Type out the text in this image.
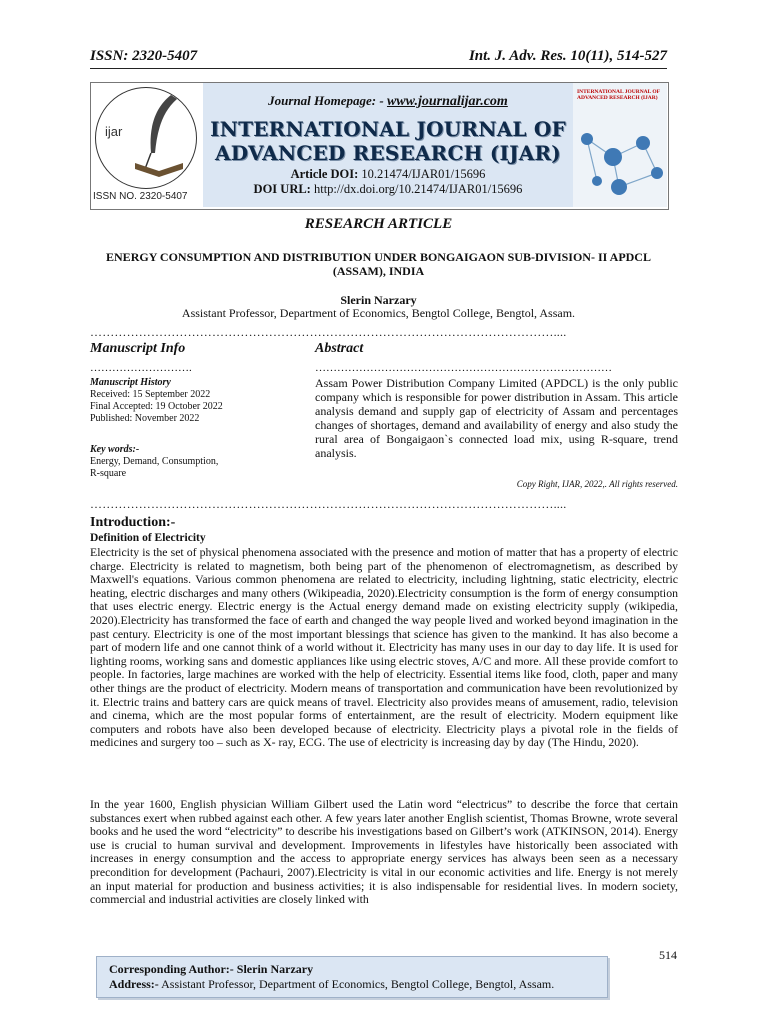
ISSN: 2320-5407	Int. J. Adv. Res. 10(11), 514-527
ijar
ISSN NO. 2320-5407
Journal Homepage: - www.journalijar.com
INTERNATIONAL JOURNAL OF
ADVANCED RESEARCH (IJAR)
Article DOI: 10.21474/IJAR01/15696
DOI URL: http://dx.doi.org/10.21474/IJAR01/15696
INTERNATIONAL JOURNAL OF ADVANCED RESEARCH (IJAR)
RESEARCH ARTICLE
ENERGY CONSUMPTION AND DISTRIBUTION UNDER BONGAIGAON SUB-DIVISION- II APDCL (ASSAM), INDIA
Slerin Narzary
Assistant Professor, Department of Economics, Bengtol College, Bengtol, Assam.
……………………………………………………………………………………………………....
Manuscript Info	Abstract
……………………….	………………………………………………………………………
Manuscript History
Received: 15 September 2022
Final Accepted: 19 October 2022
Published: November 2022
Key words:-
Energy, Demand, Consumption,
R-square
Assam Power Distribution Company Limited (APDCL) is the only public company which is responsible for power distribution in Assam. This article analysis demand and supply gap of electricity of Assam and percentages changes of shortages, demand and availability of energy and also study the rural area of Bongaigaon`s connected load mix, using R-square, trend analysis.
Copy Right, IJAR, 2022,. All rights reserved.
……………………………………………………………………………………………………....
Introduction:-
Definition of Electricity
Electricity is the set of physical phenomena associated with the presence and motion of matter that has a property of electric charge. Electricity is related to magnetism, both being part of the phenomenon of electromagnetism, as described by Maxwell's equations. Various common phenomena are related to electricity, including lightning, static electricity, electric heating, electric discharges and many others (Wikipeadia, 2020).Electricity consumption is the form of energy consumption that uses electric energy. Electric energy is the Actual energy demand made on existing electricity supply (wikipedia, 2020).Electricity has transformed the face of earth and changed the way people lived and worked beyond imagination in the past century. Electricity is one of the most important blessings that science has given to the mankind. It has also become a part of modern life and one cannot think of a world without it. Electricity has many uses in our day to day life. It is used for lighting rooms, working sans and domestic appliances like using electric stoves, A/C and more. All these provide comfort to people. In factories, large machines are worked with the help of electricity. Essential items like food, cloth, paper and many other things are the product of electricity. Modern means of transportation and communication have been revolutionized by it. Electric trains and battery cars are quick means of travel. Electricity also provides means of amusement, radio, television and cinema, which are the most popular forms of entertainment, are the result of electricity. Modern equipment like computers and robots have also been developed because of electricity. Electricity plays a pivotal role in the fields of medicines and surgery too – such as X- ray, ECG. The use of electricity is increasing day by day (The Hindu, 2020).
In the year 1600, English physician William Gilbert used the Latin word “electricus” to describe the force that certain substances exert when rubbed against each other. A few years later another English scientist, Thomas Browne, wrote several books and he used the word “electricity” to describe his investigations based on Gilbert’s work (ATKINSON, 2014). Energy use is crucial to human survival and development. Improvements in lifestyles have historically been associated with increases in energy consumption and the access to appropriate energy services has always been seen as a necessary precondition for development (Pachauri, 2007).Electricity is vital in our economic activities and life. Energy is not merely an input material for production and business activities; it is also indispensable for residential lives. In modern society, commercial and industrial activities are closely linked with
514
Corresponding Author:- Slerin Narzary
Address:- Assistant Professor, Department of Economics, Bengtol College, Bengtol, Assam.
